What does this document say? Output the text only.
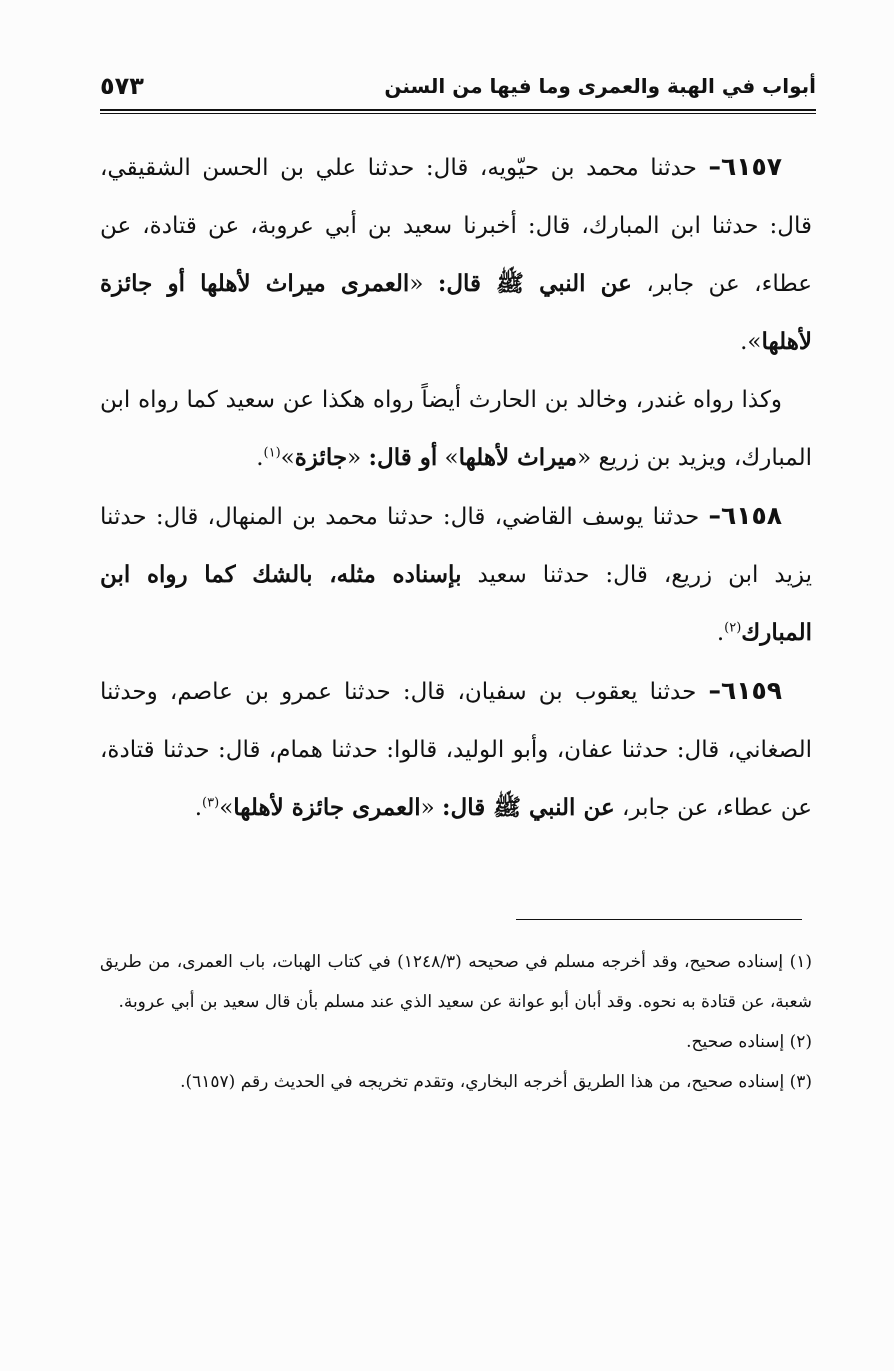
أبواب في الهبة والعمرى وما فيها من السنن
٥٧٣

٦١٥٧– حدثنا محمد بن حيّويه، قال: حدثنا علي بن الحسن الشقيقي، قال: حدثنا ابن المبارك، قال: أخبرنا سعيد بن أبي عروبة، عن قتادة، عن عطاء، عن جابر، عن النبي ﷺ قال: «العمرى ميراث لأهلها أو جائزة لأهلها».

وكذا رواه غندر، وخالد بن الحارث أيضاً رواه هكذا عن سعيد كما رواه ابن المبارك، ويزيد بن زريع «ميراث لأهلها» أو قال: «جائزة»$^{(١)}$.

٦١٥٨– حدثنا يوسف القاضي، قال: حدثنا محمد بن المنهال، قال: حدثنا يزيد ابن زريع، قال: حدثنا سعيد بإسناده مثله، بالشك كما رواه ابن المبارك$^{(٢)}$.

٦١٥٩– حدثنا يعقوب بن سفيان، قال: حدثنا عمرو بن عاصم، وحدثنا الصغاني، قال: حدثنا عفان، وأبو الوليد، قالوا: حدثنا همام، قال: حدثنا قتادة، عن عطاء، عن جابر، عن النبي ﷺ قال: «العمرى جائزة لأهلها»$^{(٣)}$.

(١) إسناده صحيح، وقد أخرجه مسلم في صحيحه (١٢٤٨/٣) في كتاب الهبات، باب العمرى، من طريق شعبة، عن قتادة به نحوه. وقد أبان أبو عوانة عن سعيد الذي عند مسلم بأن قال سعيد بن أبي عروبة.

(٢) إسناده صحيح.

(٣) إسناده صحيح، من هذا الطريق أخرجه البخاري، وتقدم تخريجه في الحديث رقم (٦١٥٧).
